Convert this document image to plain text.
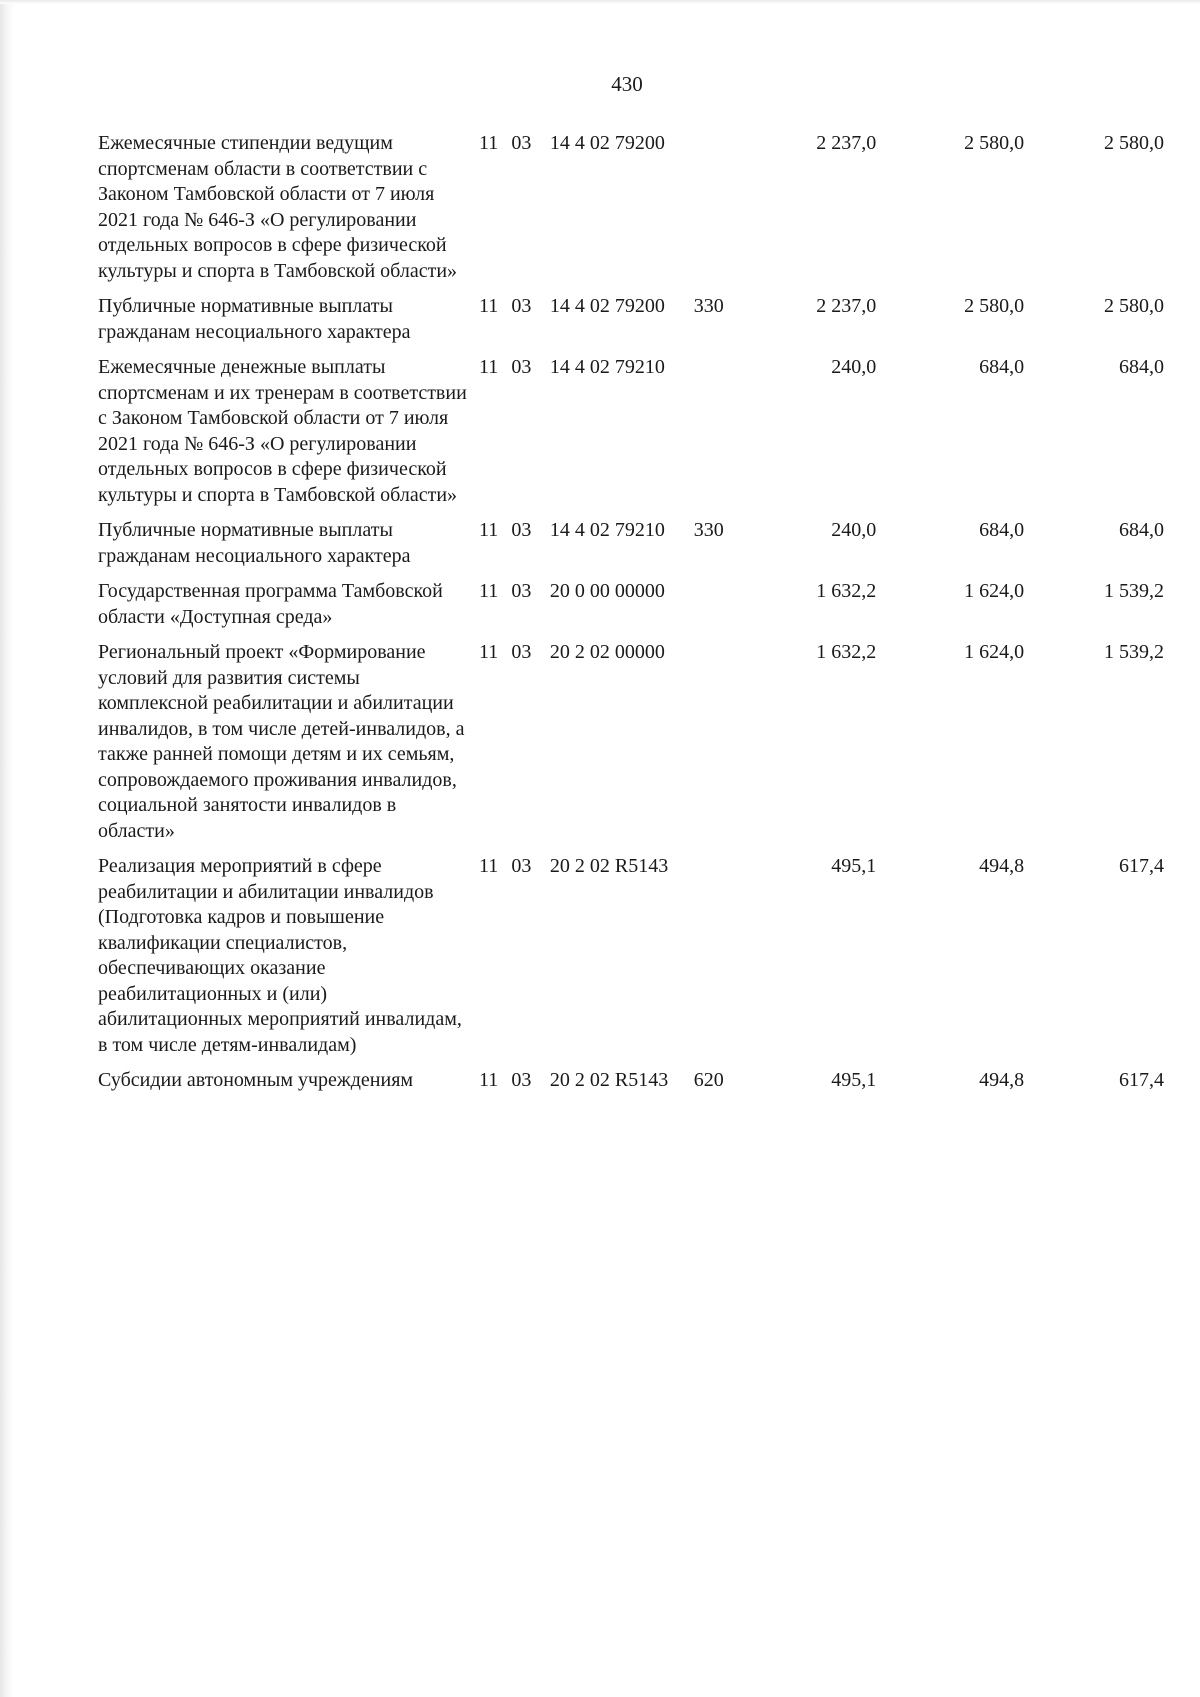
430
Ежемесячные стипендии ведущим спортсменам области в соответствии с Законом Тамбовской области от 7 июля 2021 года № 646-З «О регулировании отдельных вопросов в сфере физической культуры и спорта в Тамбовской области»	11	03	14 4 02 79200		2 237,0	2 580,0	2 580,0
Публичные нормативные выплаты гражданам несоциального характера	11	03	14 4 02 79200	330	2 237,0	2 580,0	2 580,0
Ежемесячные денежные выплаты спортсменам и их тренерам в соответствии с Законом Тамбовской области от 7 июля 2021 года № 646-З «О регулировании отдельных вопросов в сфере физической культуры и спорта в Тамбовской области»	11	03	14 4 02 79210		240,0	684,0	684,0
Публичные нормативные выплаты гражданам несоциального характера	11	03	14 4 02 79210	330	240,0	684,0	684,0
Государственная программа Тамбовской области «Доступная среда»	11	03	20 0 00 00000		1 632,2	1 624,0	1 539,2
Региональный проект «Формирование условий для развития системы комплексной реабилитации и абилитации инвалидов, в том числе детей-инвалидов, а также ранней помощи детям и их семьям, сопровождаемого проживания инвалидов, социальной занятости инвалидов в области»	11	03	20 2 02 00000		1 632,2	1 624,0	1 539,2
Реализация мероприятий в сфере реабилитации и абилитации инвалидов (Подготовка кадров и повышение квалификации специалистов, обеспечивающих оказание реабилитационных и (или) абилитационных мероприятий инвалидам, в том числе детям-инвалидам)	11	03	20 2 02 R5143		495,1	494,8	617,4
Субсидии автономным учреждениям	11	03	20 2 02 R5143	620	495,1	494,8	617,4
